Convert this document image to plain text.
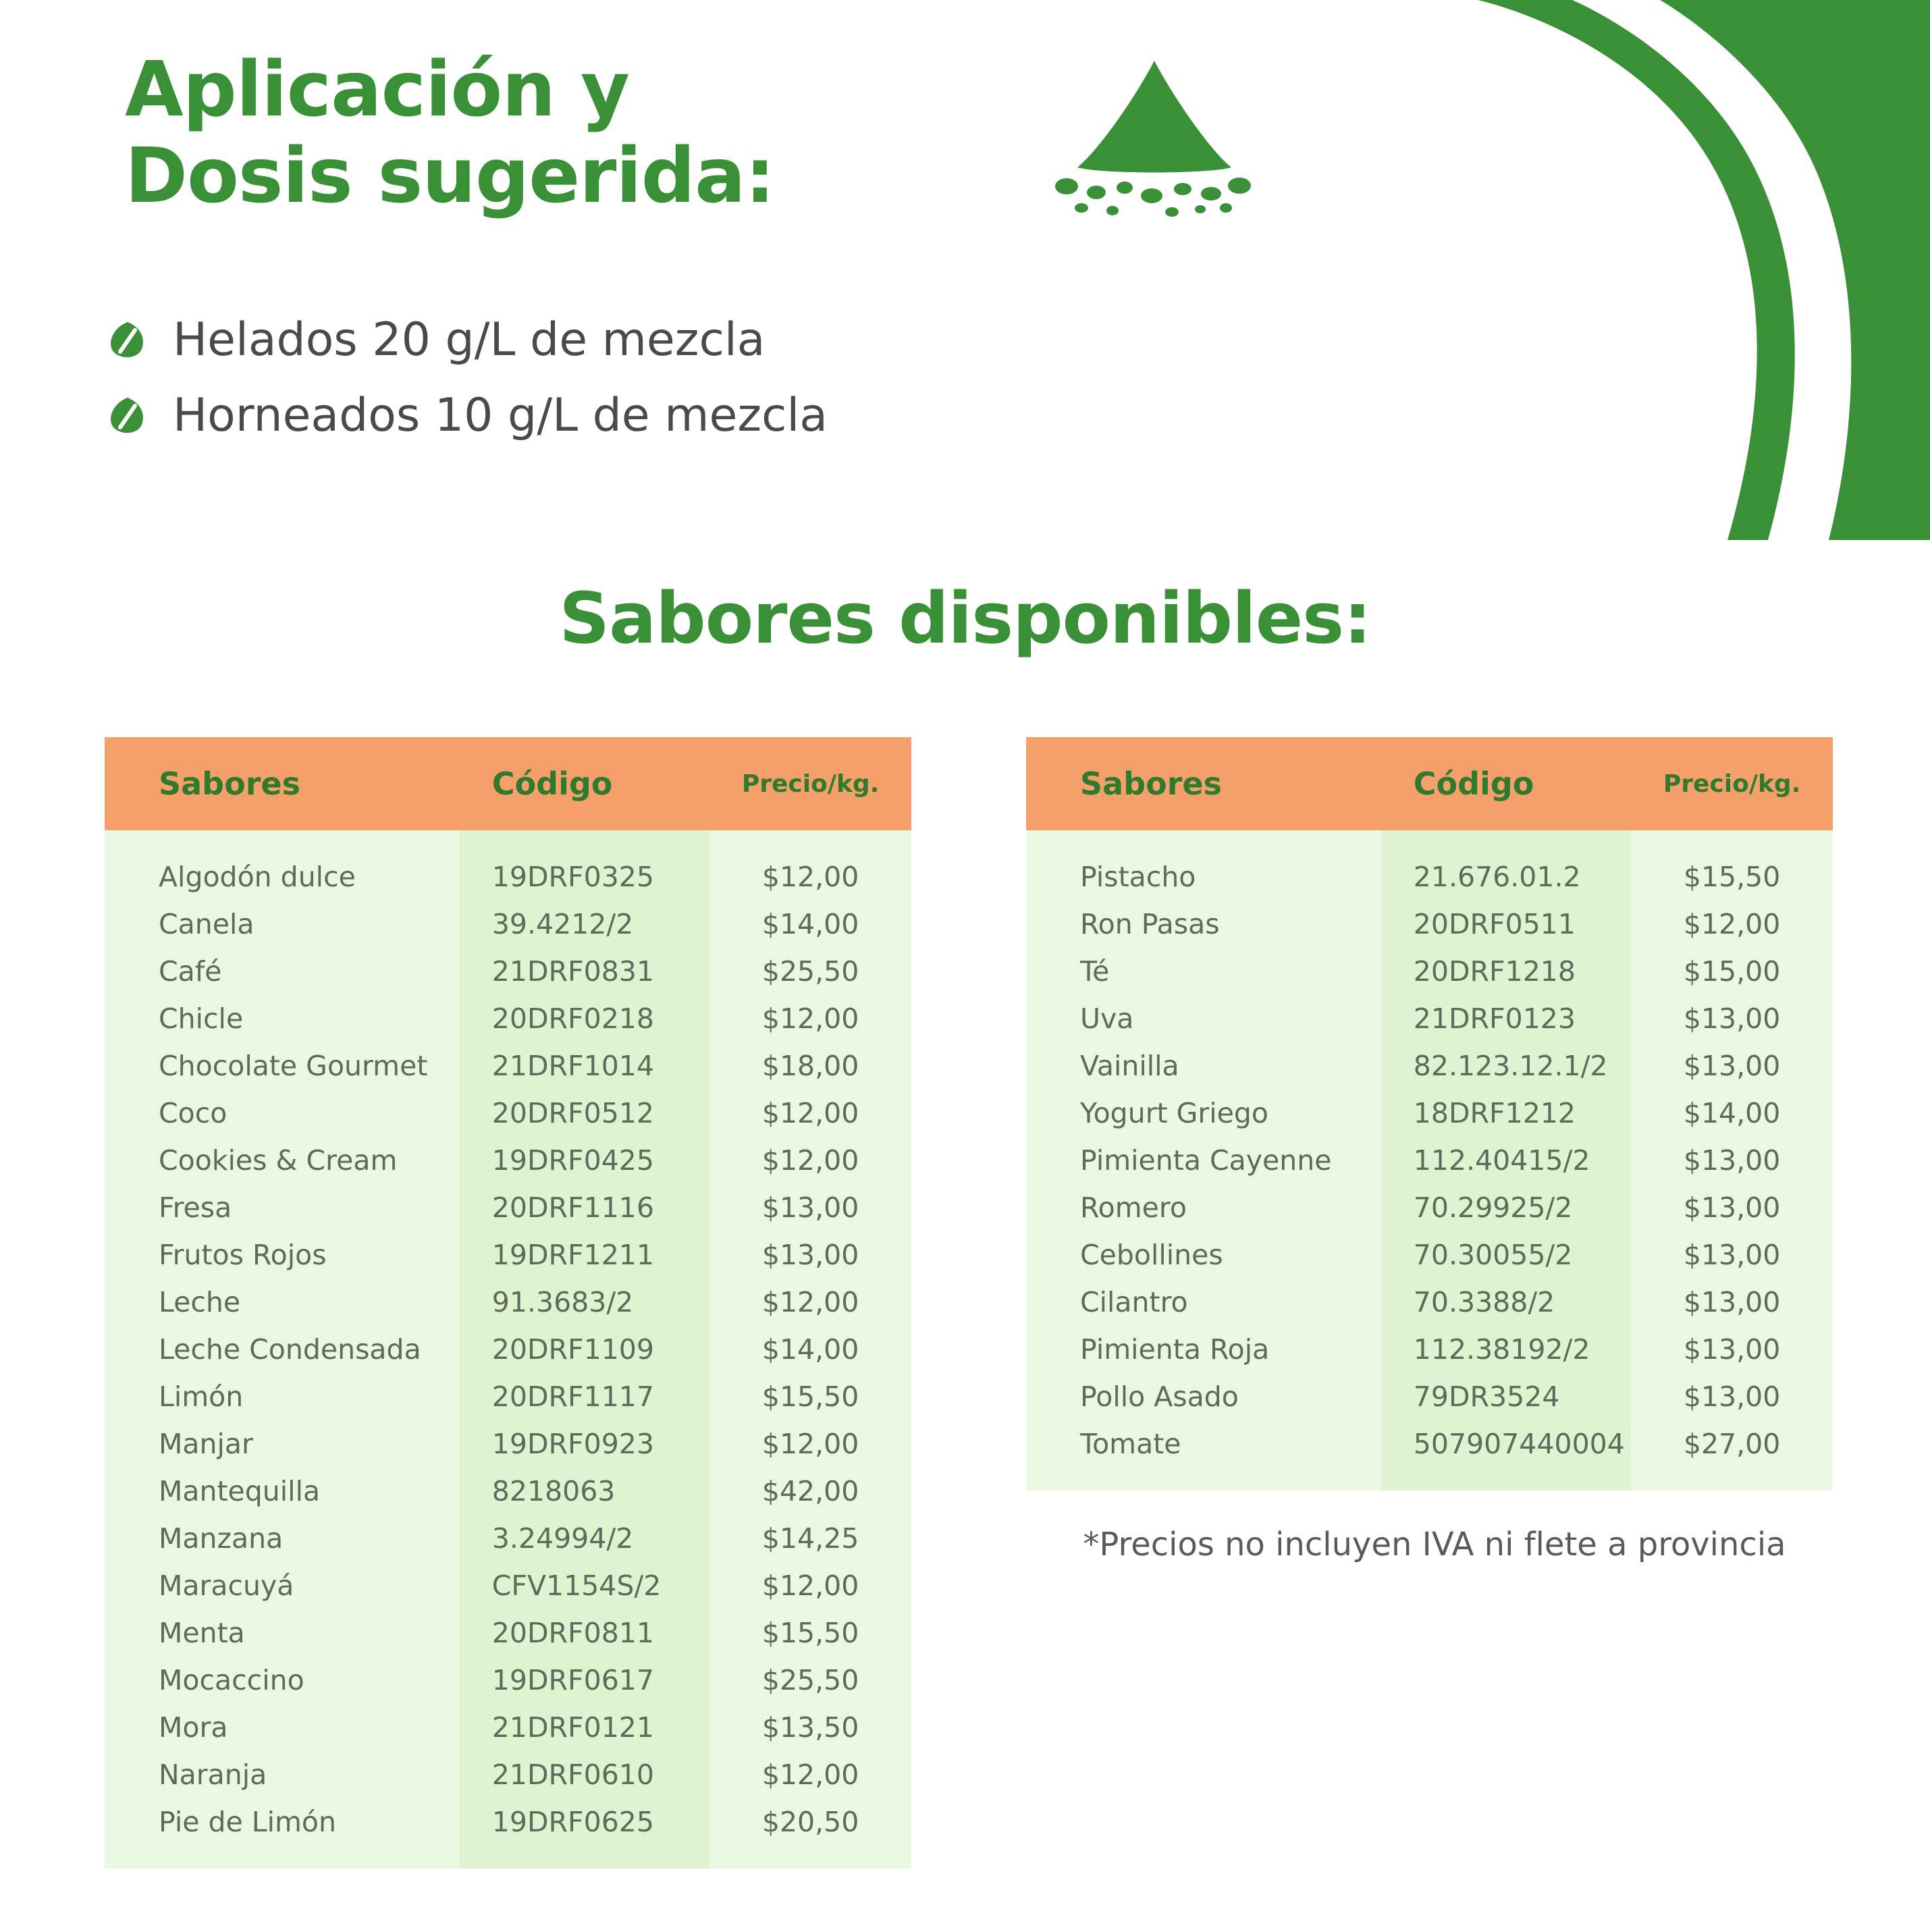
Aplicación y
Dosis sugerida:
Helados 20 g/L de mezcla
Horneados 10 g/L de mezcla
Sabores disponibles:
Sabores	Código	Precio/kg.

Algodón dulce	19DRF0325	$12,00
Canela	39.4212/2	$14,00
Café	21DRF0831	$25,50
Chicle	20DRF0218	$12,00
Chocolate Gourmet	21DRF1014	$18,00
Coco	20DRF0512	$12,00
Cookies & Cream	19DRF0425	$12,00
Fresa	20DRF1116	$13,00
Frutos Rojos	19DRF1211	$13,00
Leche	91.3683/2	$12,00
Leche Condensada	20DRF1109	$14,00
Limón	20DRF1117	$15,50
Manjar	19DRF0923	$12,00
Mantequilla	8218063	$42,00
Manzana	3.24994/2	$14,25
Maracuyá	CFV1154S/2	$12,00
Menta	20DRF0811	$15,50
Mocaccino	19DRF0617	$25,50
Mora	21DRF0121	$13,50
Naranja	21DRF0610	$12,00
Pie de Limón	19DRF0625	$20,50

Sabores	Código	Precio/kg.

Pistacho	21.676.01.2	$15,50
Ron Pasas	20DRF0511	$12,00
Té	20DRF1218	$15,00
Uva	21DRF0123	$13,00
Vainilla	82.123.12.1/2	$13,00
Yogurt Griego	18DRF1212	$14,00
Pimienta Cayenne	112.40415/2	$13,00
Romero	70.29925/2	$13,00
Cebollines	70.30055/2	$13,00
Cilantro	70.3388/2	$13,00
Pimienta Roja	112.38192/2	$13,00
Pollo Asado	79DR3524	$13,00
Tomate	507907440004	$27,00

*Precios no incluyen IVA ni flete a provincia
